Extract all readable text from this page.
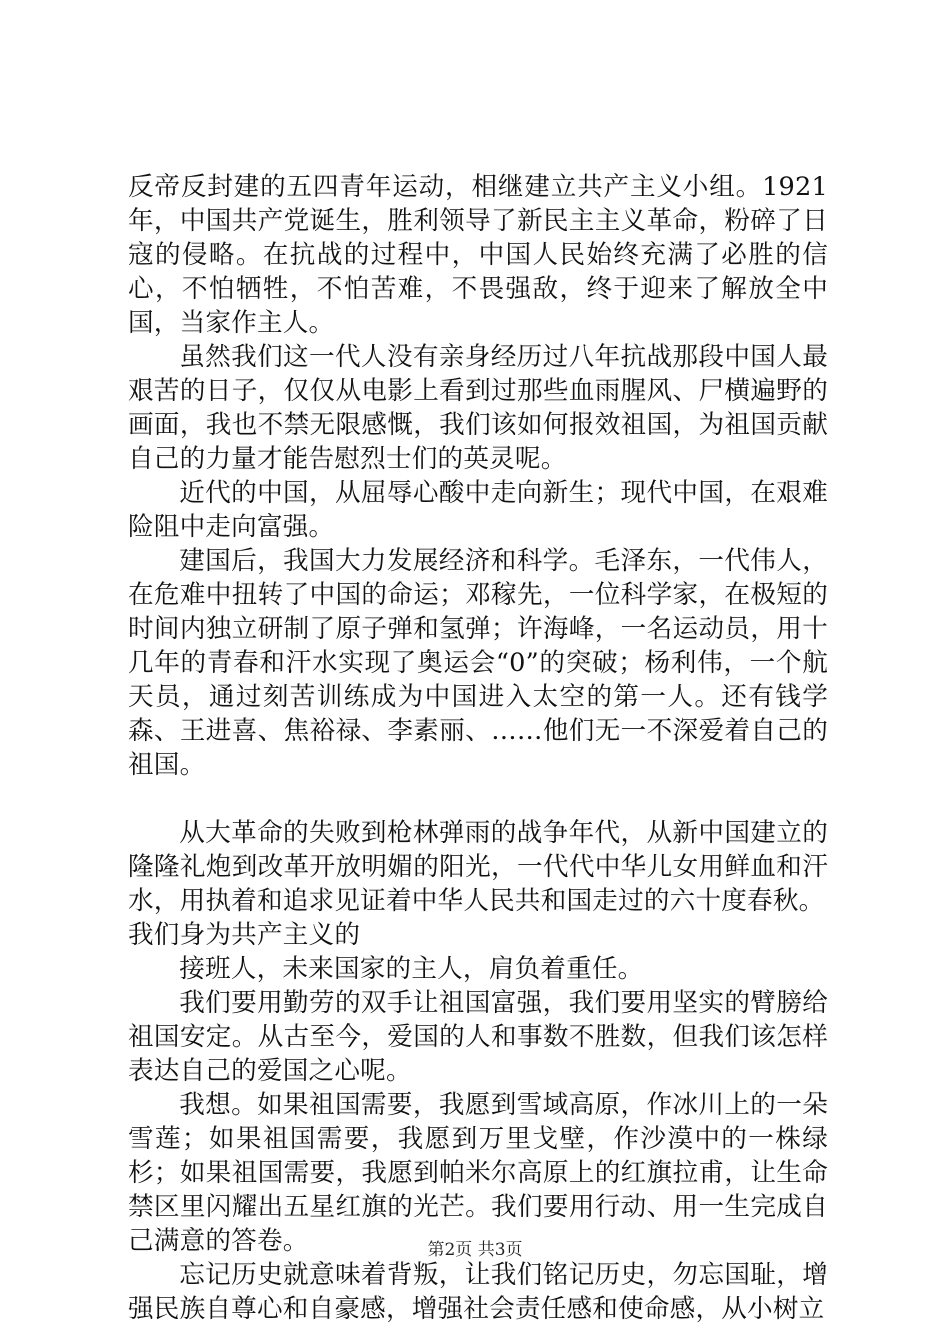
反帝反封建的五四青年运动，相继建立共产主义小组。1921年，中国共产党诞生，胜利领导了新民主主义革命，粉碎了日寇的侵略。在抗战的过程中，中国人民始终充满了必胜的信心，不怕牺牲，不怕苦难，不畏强敌，终于迎来了解放全中国，当家作主人。

虽然我们这一代人没有亲身经历过八年抗战那段中国人最艰苦的日子，仅仅从电影上看到过那些血雨腥风、尸横遍野的画面，我也不禁无限感慨，我们该如何报效祖国，为祖国贡献自己的力量才能告慰烈士们的英灵呢。

近代的中国，从屈辱心酸中走向新生；现代中国，在艰难险阻中走向富强。

建国后，我国大力发展经济和科学。毛泽东，一代伟人，在危难中扭转了中国的命运；邓稼先，一位科学家，在极短的时间内独立研制了原子弹和氢弹；许海峰，一名运动员，用十几年的青春和汗水实现了奥运会“0”的突破；杨利伟，一个航天员，通过刻苦训练成为中国进入太空的第一人。还有钱学森、王进喜、焦裕禄、李素丽、……他们无一不深爱着自己的祖国。

从大革命的失败到枪林弹雨的战争年代，从新中国建立的隆隆礼炮到改革开放明媚的阳光，一代代中华儿女用鲜血和汗水，用执着和追求见证着中华人民共和国走过的六十度春秋。

我们身为共产主义的

接班人，未来国家的主人，肩负着重任。

我们要用勤劳的双手让祖国富强，我们要用坚实的臂膀给祖国安定。从古至今，爱国的人和事数不胜数，但我们该怎样表达自己的爱国之心呢。

我想。如果祖国需要，我愿到雪域高原，作冰川上的一朵雪莲；如果祖国需要，我愿到万里戈壁，作沙漠中的一株绿杉；如果祖国需要，我愿到帕米尔高原上的红旗拉甫，让生命禁区里闪耀出五星红旗的光芒。我们要用行动、用一生完成自己满意的答卷。

忘记历史就意味着背叛，让我们铭记历史，勿忘国耻，增强民族自尊心和自豪感，增强社会责任感和使命感，从小树立

第2页 共3页
